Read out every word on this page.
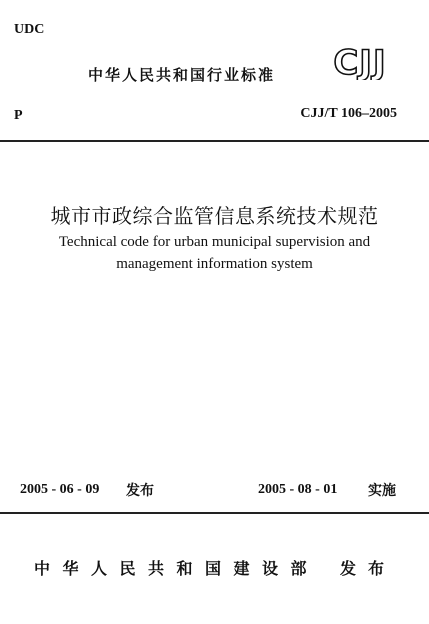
UDC
中华人民共和国行业标准 CJJ
P	CJJ/T 106–2005
城市市政综合监管信息系统技术规范
Technical code for urban municipal supervision and
management information system
2005 - 06 - 09 发布	2005 - 08 - 01 实施
中华人民共和国建设部 发布
